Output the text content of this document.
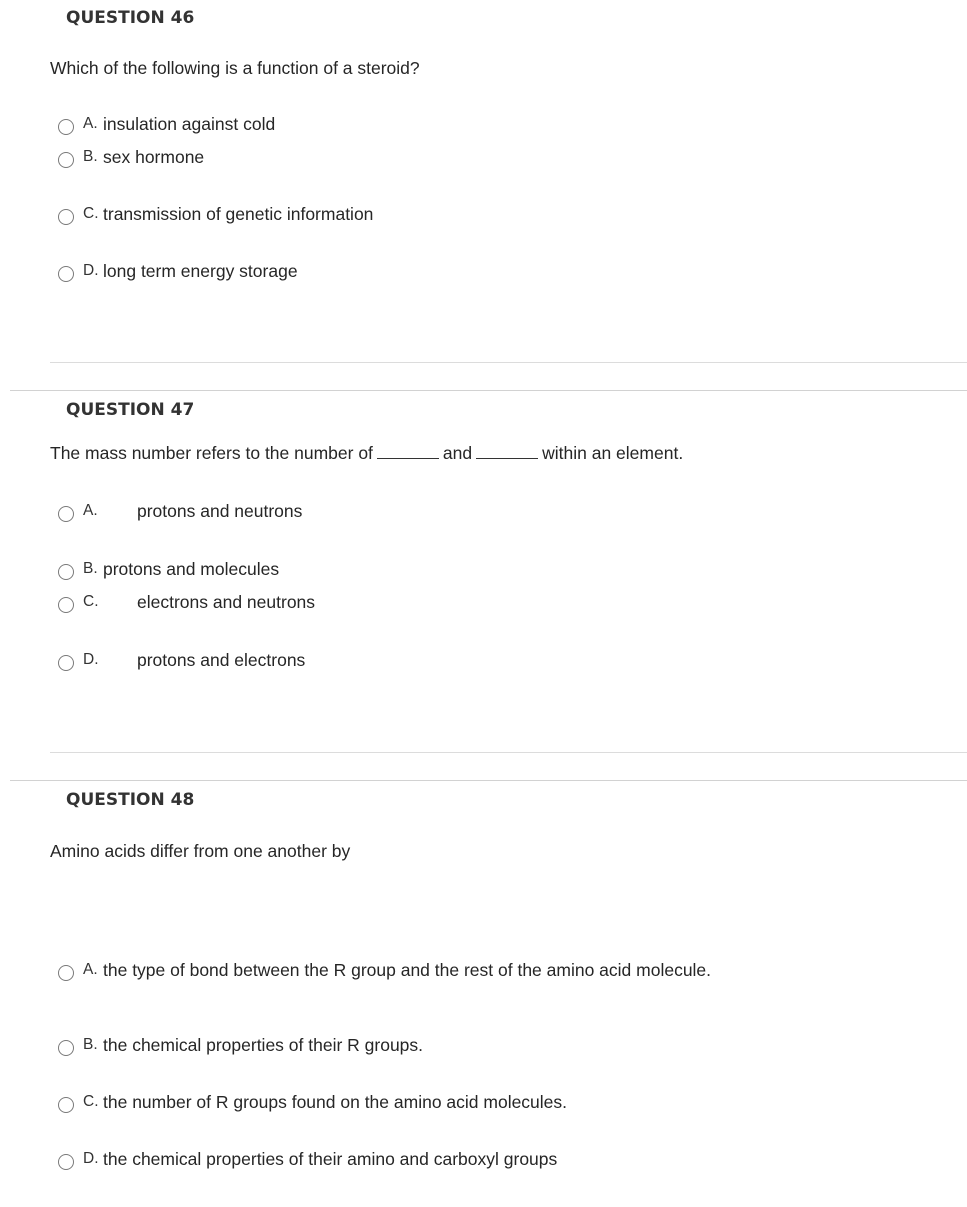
QUESTION 46
Which of the following is a function of a steroid?
A. insulation against cold
B. sex hormone
C. transmission of genetic information
D. long term energy storage
QUESTION 47
The mass number refers to the number of	and	within an element.
A. protons and neutrons
B. protons and molecules
C. electrons and neutrons
D. protons and electrons
QUESTION 48
Amino acids differ from one another by
A. the type of bond between the R group and the rest of the amino acid molecule.
B. the chemical properties of their R groups.
C. the number of R groups found on the amino acid molecules.
D. the chemical properties of their amino and carboxyl groups
